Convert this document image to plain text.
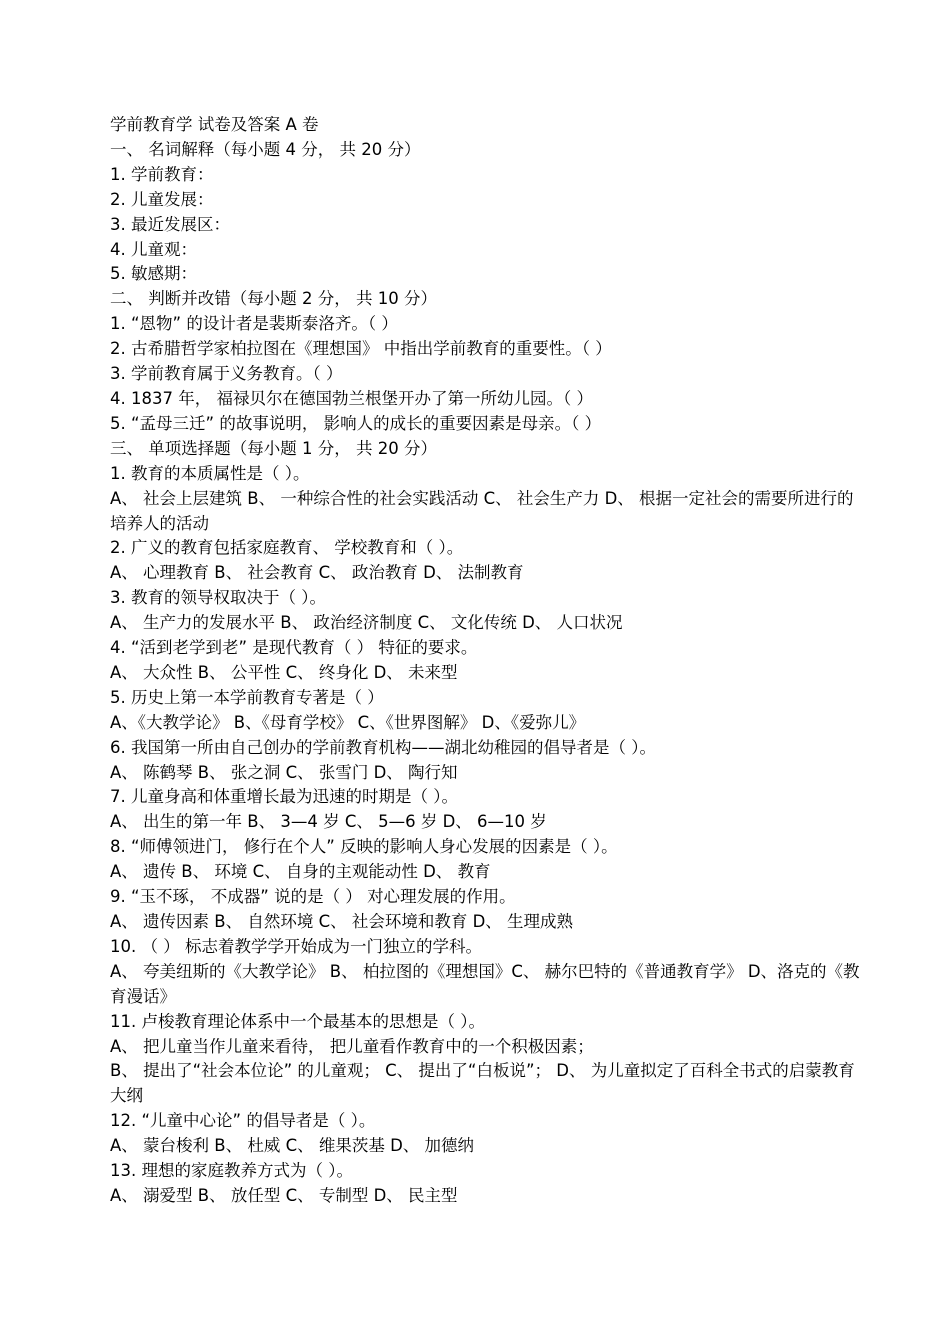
学前教育学 试卷及答案 A 卷
一、 名词解释（每小题 4 分， 共 20 分）
1. 学前教育：
2. 儿童发展：
3. 最近发展区：
4. 儿童观：
5. 敏感期：
二、 判断并改错（每小题 2 分， 共 10 分）
1. “恩物” 的设计者是裴斯泰洛齐。（ ）
2. 古希腊哲学家柏拉图在《理想国》 中指出学前教育的重要性。（ ）
3. 学前教育属于义务教育。（ ）
4. 1837 年， 福禄贝尔在德国勃兰根堡开办了第一所幼儿园。（ ）
5. “孟母三迁” 的故事说明， 影响人的成长的重要因素是母亲。（ ）
三、 单项选择题（每小题 1 分， 共 20 分）
1. 教育的本质属性是（ ）。
A、 社会上层建筑 B、 一种综合性的社会实践活动 C、 社会生产力 D、 根据一定社会的需要所进行的培养人的活动
2. 广义的教育包括家庭教育、 学校教育和（ ）。
A、 心理教育 B、 社会教育 C、 政治教育 D、 法制教育
3. 教育的领导权取决于（ ）。
A、 生产力的发展水平 B、 政治经济制度 C、 文化传统 D、 人口状况
4. “活到老学到老” 是现代教育（ ） 特征的要求。
A、 大众性 B、 公平性 C、 终身化 D、 未来型
5. 历史上第一本学前教育专著是（ ）
A、《大教学论》 B、《母育学校》 C、《世界图解》 D、《爱弥儿》
6. 我国第一所由自己创办的学前教育机构——湖北幼稚园的倡导者是（ ）。
A、 陈鹤琴 B、 张之洞 C、 张雪门 D、 陶行知
7. 儿童身高和体重增长最为迅速的时期是（ ）。
A、 出生的第一年 B、 3—4 岁 C、 5—6 岁 D、 6—10 岁
8. “师傅领进门， 修行在个人” 反映的影响人身心发展的因素是（ ）。
A、 遗传 B、 环境 C、 自身的主观能动性 D、 教育
9. “玉不琢， 不成器” 说的是（ ） 对心理发展的作用。
A、 遗传因素 B、 自然环境 C、 社会环境和教育 D、 生理成熟
10. （ ） 标志着教学学开始成为一门独立的学科。
A、 夸美纽斯的《大教学论》 B、 柏拉图的《理想国》C、 赫尔巴特的《普通教育学》 D、洛克的《教育漫话》
11. 卢梭教育理论体系中一个最基本的思想是（ ）。
A、 把儿童当作儿童来看待， 把儿童看作教育中的一个积极因素；
B、 提出了“社会本位论” 的儿童观； C、 提出了“白板说”； D、 为儿童拟定了百科全书式的启蒙教育大纲
12. “儿童中心论” 的倡导者是（ ）。
A、 蒙台梭利 B、 杜威 C、 维果茨基 D、 加德纳
13. 理想的家庭教养方式为（ ）。
A、 溺爱型 B、 放任型 C、 专制型 D、 民主型
